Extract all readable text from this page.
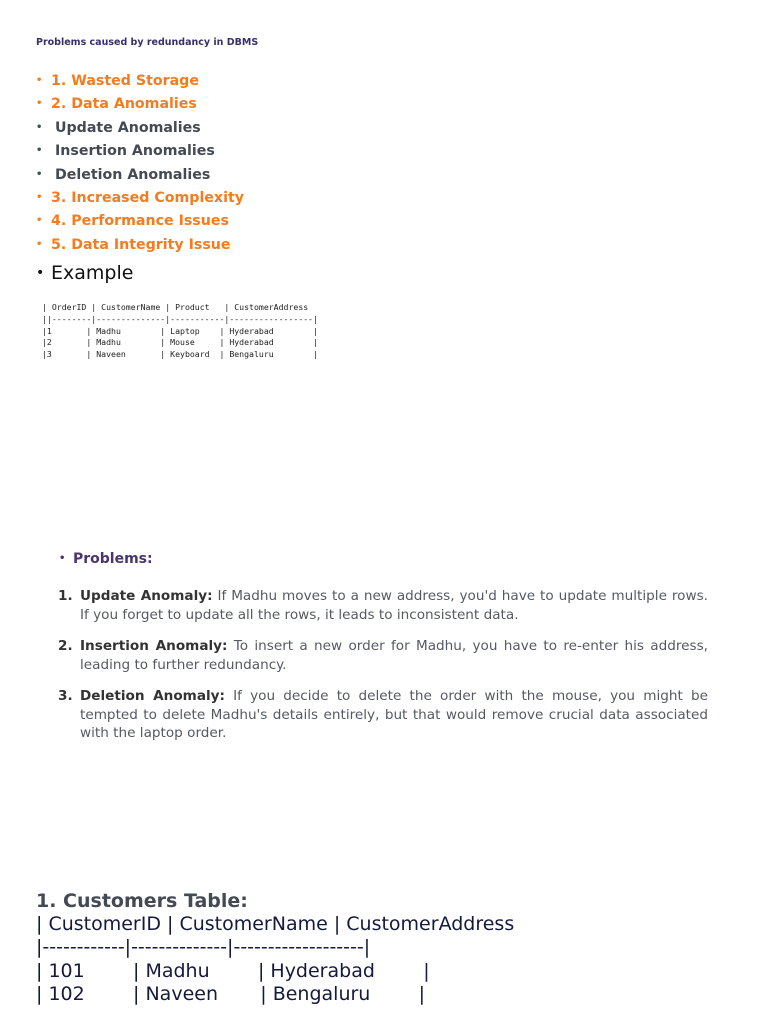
Problems caused by redundancy in DBMS

• 1. Wasted Storage
• 2. Data Anomalies
• Update Anomalies
• Insertion Anomalies
• Deletion Anomalies
• 3. Increased Complexity
• 4. Performance Issues
• 5. Data Integrity Issue
• Example
| OrderID | CustomerName | Product   | CustomerAddress
||--------|--------------|-----------|-----------------|
|1       | Madhu        | Laptop    | Hyderabad        |
|2       | Madhu        | Mouse     | Hyderabad        |
|3       | Naveen       | Keyboard  | Bengaluru        |
• Problems:
1. Update Anomaly: If Madhu moves to a new address, you'd have to update multiple rows. If you forget to update all the rows, it leads to inconsistent data.
2. Insertion Anomaly: To insert a new order for Madhu, you have to re-enter his address, leading to further redundancy.
3. Deletion Anomaly: If you decide to delete the order with the mouse, you might be tempted to delete Madhu's details entirely, but that would remove crucial data associated with the laptop order.
1. Customers Table:
| CustomerID | CustomerName | CustomerAddress
|------------|--------------|-------------------|
| 101        | Madhu        | Hyderabad        |
| 102        | Naveen       | Bengaluru        |
